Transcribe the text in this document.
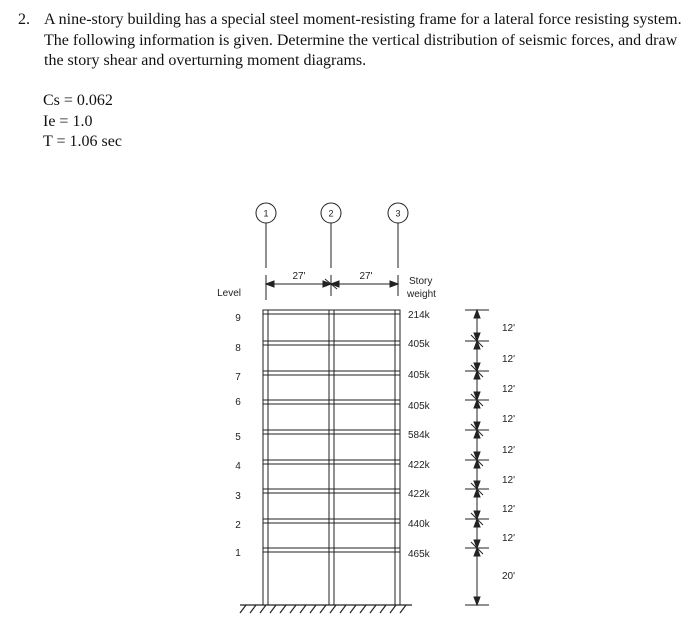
2. A nine-story building has a special steel moment-resisting frame for a lateral force resisting system. The following information is given. Determine the vertical distribution of seismic forces, and draw the story shear and overturning moment diagrams.
Cs = 0.062
Ie = 1.0
T = 1.06 sec
1	2	3
27'	27'
Level
Story
weight
9
8
7
6
5
4
3
2
1
214k
405k
405k
405k
584k
422k
422k
440k
465k
12'
12'
12'
12'
12'
12'
12'
12'
20'
